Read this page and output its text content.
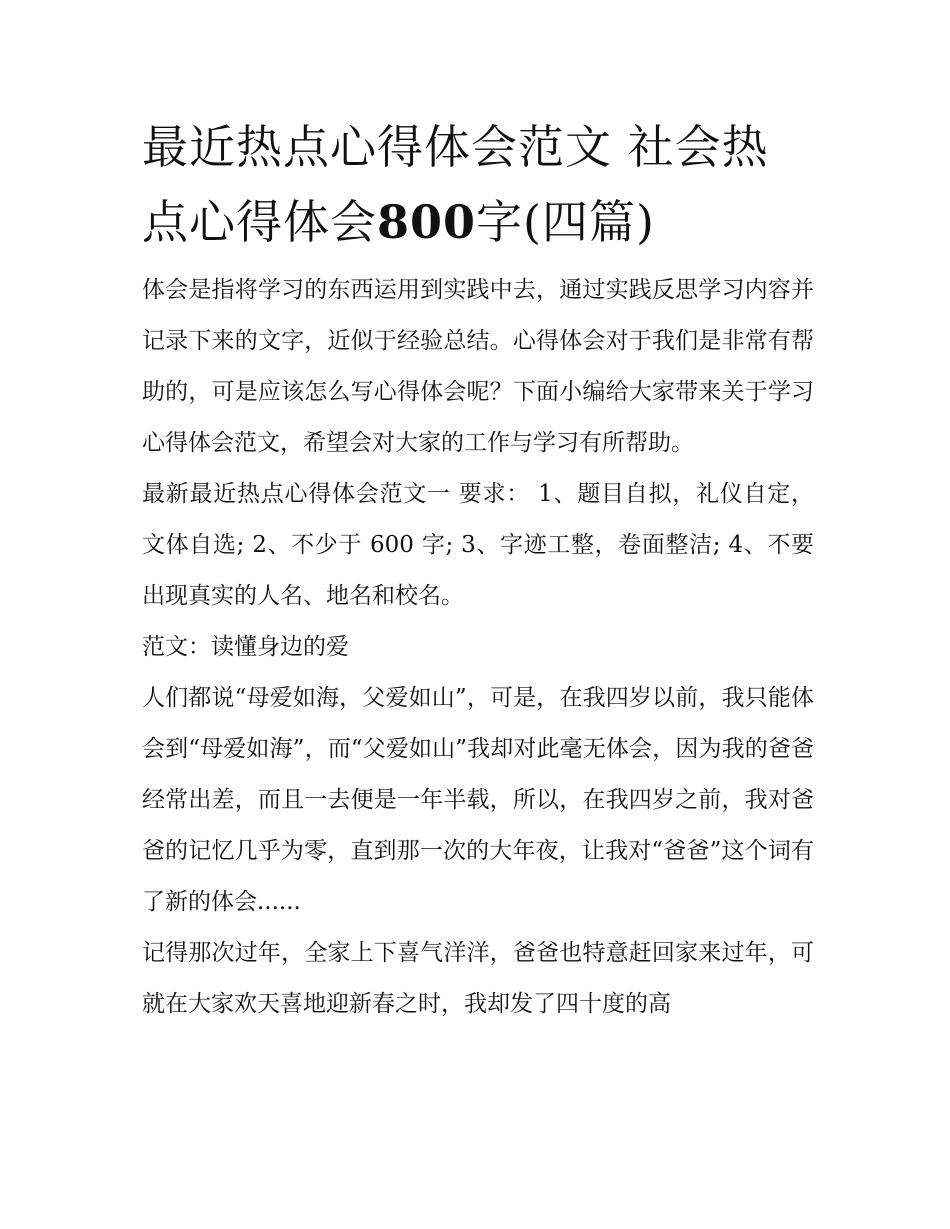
最近热点心得体会范文 社会热点心得体会800字(四篇)

体会是指将学习的东西运用到实践中去，通过实践反思学习内容并记录下来的文字，近似于经验总结。心得体会对于我们是非常有帮助的，可是应该怎么写心得体会呢？下面小编给大家带来关于学习心得体会范文，希望会对大家的工作与学习有所帮助。

最新最近热点心得体会范文一 要求： 1、题目自拟，礼仪自定，文体自选; 2、不少于 600 字; 3、字迹工整，卷面整洁; 4、不要出现真实的人名、地名和校名。

范文：读懂身边的爱

人们都说“母爱如海，父爱如山”，可是，在我四岁以前，我只能体会到“母爱如海”，而“父爱如山”我却对此毫无体会，因为我的爸爸经常出差，而且一去便是一年半载，所以，在我四岁之前，我对爸爸的记忆几乎为零，直到那一次的大年夜，让我对“爸爸”这个词有了新的体会......

记得那次过年，全家上下喜气洋洋，爸爸也特意赶回家来过年，可就在大家欢天喜地迎新春之时，我却发了四十度的高
